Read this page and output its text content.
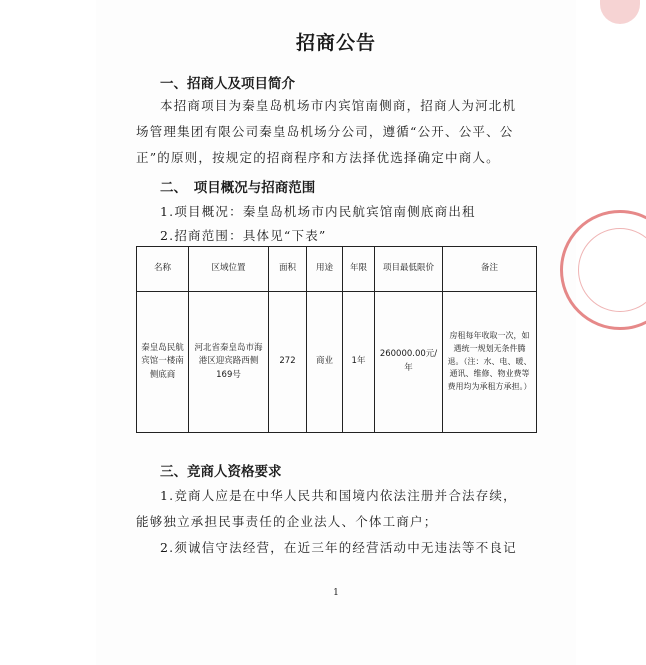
招商公告
一、招商人及项目简介
本招商项目为秦皇岛机场市内宾馆南侧商，招商人为河北机
场管理集团有限公司秦皇岛机场分公司，遵循“公开、公平、公
正”的原则，按规定的招商程序和方法择优选择确定中商人。
二、　项目概况与招商范围
1.项目概况：秦皇岛机场市内民航宾馆南侧底商出租
2.招商范围：具体见“下表”
名称	区域位置	面积	用途	年限	项目最低限价	备注
秦皇岛民航宾馆一楼南侧底商	河北省秦皇岛市海港区迎宾路西侧169号	272	商业	1年	260000.00元/年	房租每年收取一次，如遇统一规划无条件腾退。（注：水、电、暖、通讯、维修、物业费等费用均为承租方承担。）
三、竞商人资格要求
1.竞商人应是在中华人民共和国境内依法注册并合法存续，
能够独立承担民事责任的企业法人、个体工商户；
2.须诚信守法经营，在近三年的经营活动中无违法等不良记
1
